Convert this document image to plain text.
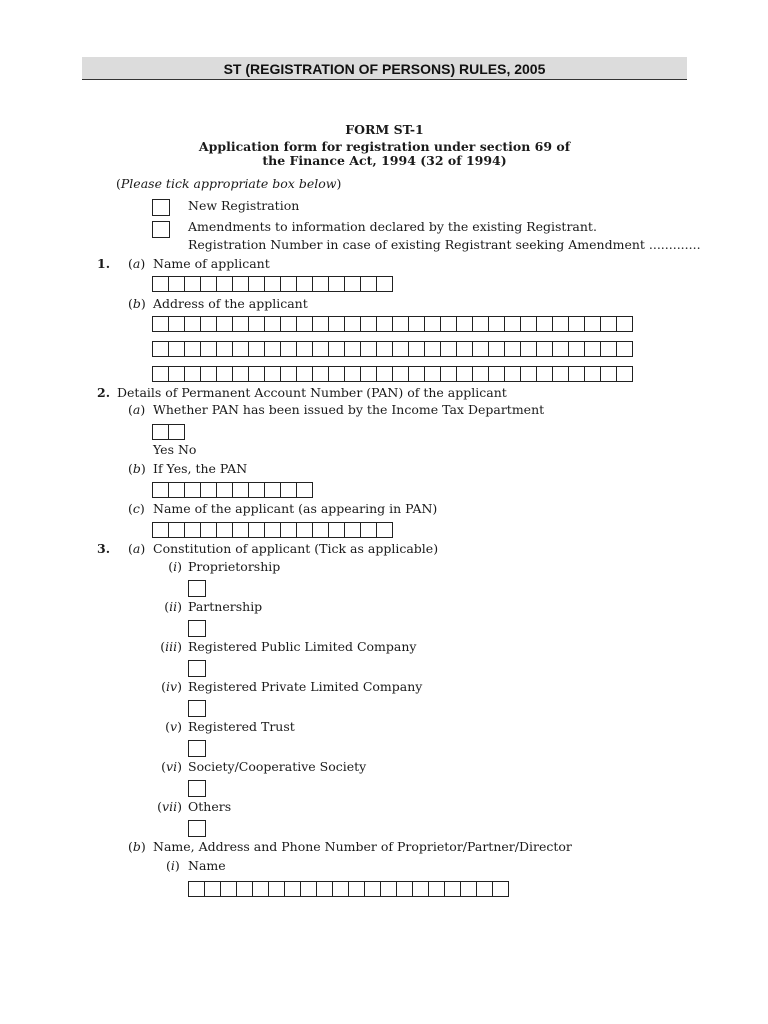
ST (REGISTRATION OF PERSONS) RULES, 2005
FORM ST-1
Application form for registration under section 69 of
the Finance Act, 1994 (32 of 1994)
(Please tick appropriate box below)
New Registration
Amendments to information declared by the existing Registrant.
Registration Number in case of existing Registrant seeking Amendment .............
1. (a) Name of applicant
(b) Address of the applicant
2. Details of Permanent Account Number (PAN) of the applicant
(a) Whether PAN has been issued by the Income Tax Department
Yes No
(b) If Yes, the PAN
(c) Name of the applicant (as appearing in PAN)
3. (a) Constitution of applicant (Tick as applicable)
(i) Proprietorship
(ii) Partnership
(iii) Registered Public Limited Company
(iv) Registered Private Limited Company
(v) Registered Trust
(vi) Society/Cooperative Society
(vii) Others
(b) Name, Address and Phone Number of Proprietor/Partner/Director
(i) Name
